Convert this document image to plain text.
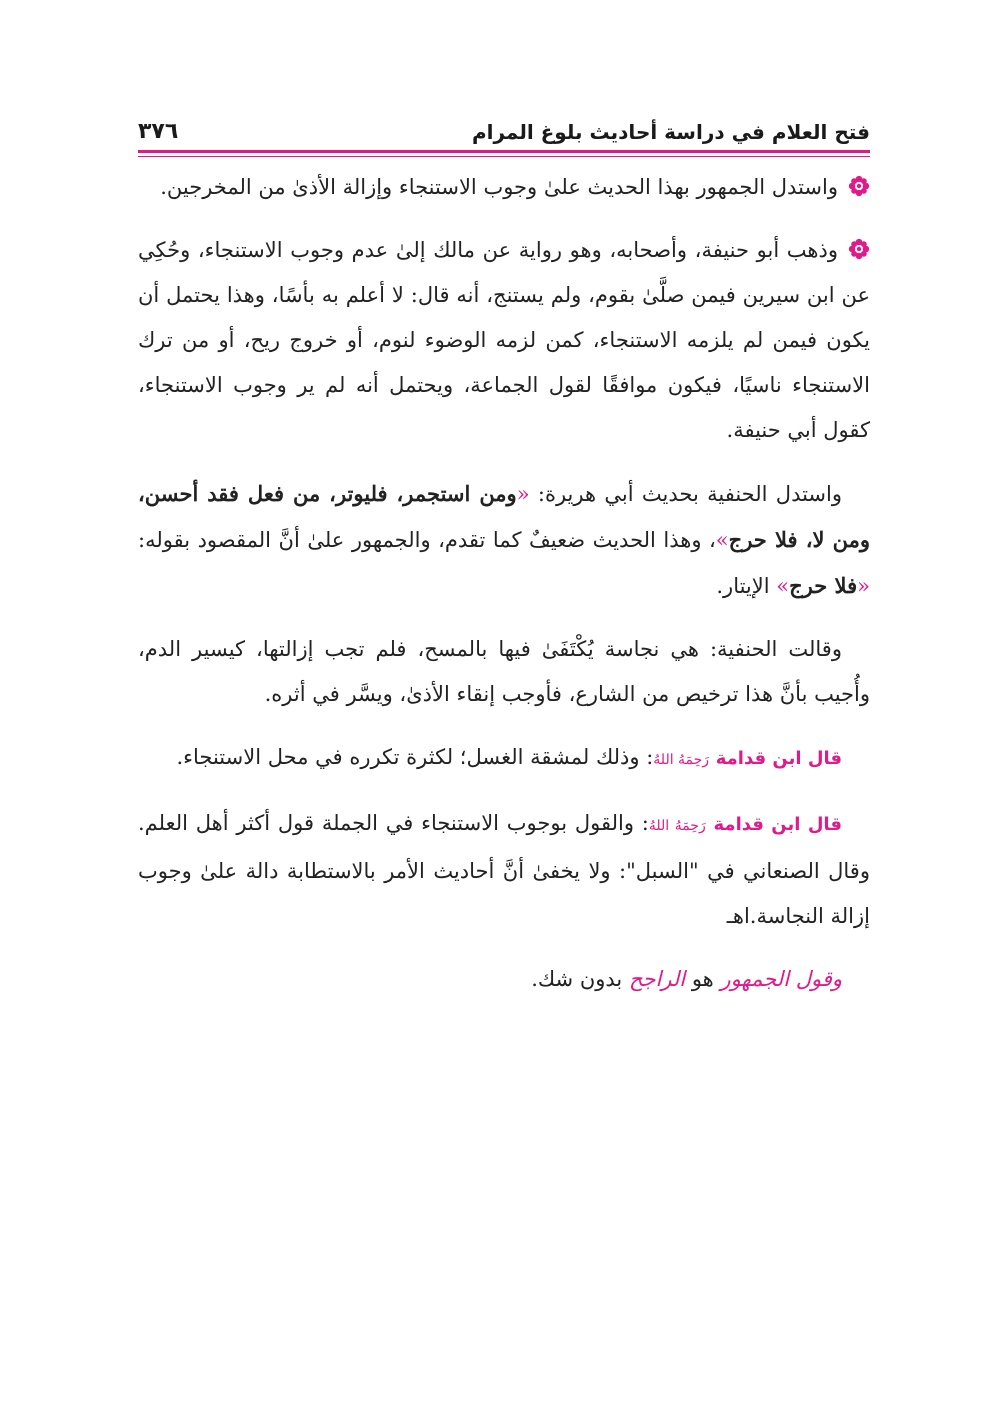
فتح العلام في دراسة أحاديث بلوغ المرام
٣٧٦

واستدل الجمهور بهذا الحديث علىٰ وجوب الاستنجاء وإزالة الأذىٰ من المخرجين.

وذهب أبو حنيفة، وأصحابه، وهو رواية عن مالك إلىٰ عدم وجوب الاستنجاء، وحُكِي عن ابن سيرين فيمن صلَّىٰ بقوم، ولم يستنج، أنه قال: لا أعلم به بأسًا، وهذا يحتمل أن يكون فيمن لم يلزمه الاستنجاء، كمن لزمه الوضوء لنوم، أو خروج ريح، أو من ترك الاستنجاء ناسيًا، فيكون موافقًا لقول الجماعة، ويحتمل أنه لم ير وجوب الاستنجاء، كقول أبي حنيفة.

واستدل الحنفية بحديث أبي هريرة: «ومن استجمر، فليوتر، من فعل فقد أحسن، ومن لا، فلا حرج»، وهذا الحديث ضعيفٌ كما تقدم، والجمهور علىٰ أنَّ المقصود بقوله: «فلا حرج» الإيتار.

وقالت الحنفية: هي نجاسة يُكْتَفَىٰ فيها بالمسح، فلم تجب إزالتها، كيسير الدم، وأُجيب بأنَّ هذا ترخيص من الشارع، فأوجب إنقاء الأذىٰ، ويسَّر في أثره.

قال ابن قدامة رَحِمَهُ اللهُ: وذلك لمشقة الغسل؛ لكثرة تكرره في محل الاستنجاء.

قال ابن قدامة رَحِمَهُ اللهُ: والقول بوجوب الاستنجاء في الجملة قول أكثر أهل العلم. وقال الصنعاني في "السبل": ولا يخفىٰ أنَّ أحاديث الأمر بالاستطابة دالة علىٰ وجوب إزالة النجاسة.اهـ

وقول الجمهور هو الراجح بدون شك.
